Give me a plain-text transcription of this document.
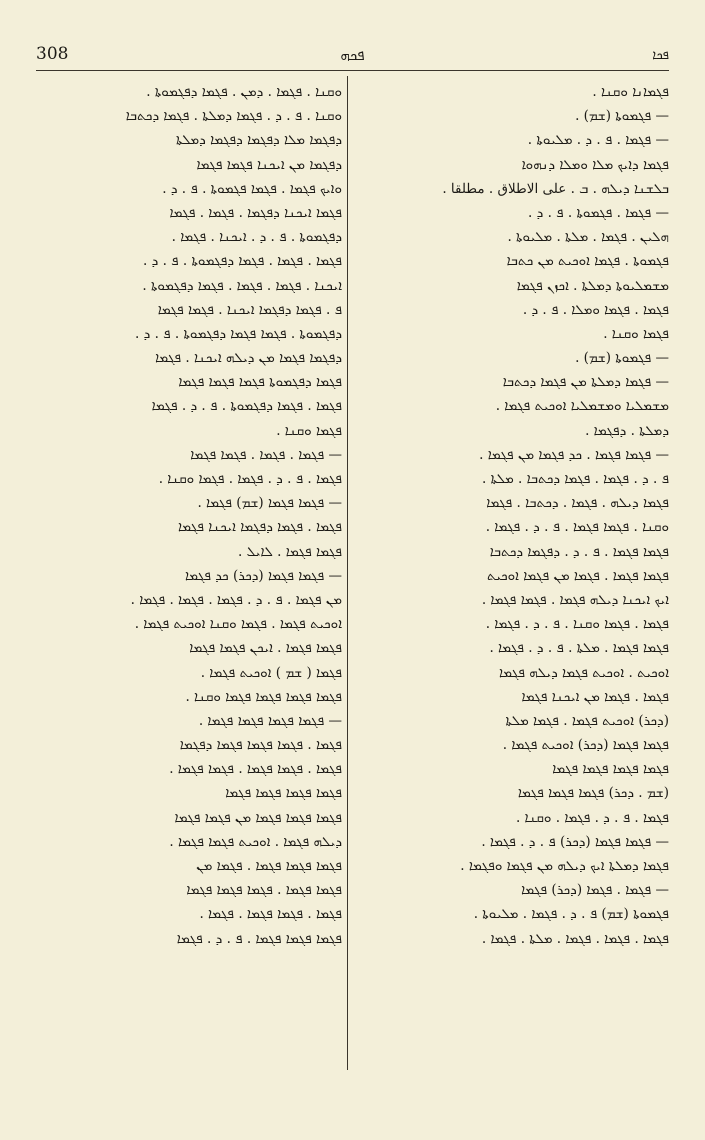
308	ܦܟܗ	ܦܟܐ
ܦܓܡܐܢܐ ܘܩܢܐ .
— ܦܓܡܘܬܐ (ܫܡ) .
— ܦܓܡܐ . ܦ . ܕ . ܡܠܝܘܬܐ .
ܦܓܡܐ ܕܐܝܟ ܡܠܐ ܘܡܠܐ ܕܢܗܘܐ
ܒܠܫܢܐ ܕܝܠܗ . ܒ . على الاطلاق . مطلقا .
— ܦܓܡܐ . ܦܓܡܘܬܐ . ܦ . ܕ .
ܗܠܝܢ . ܦܓܡܐ . ܡܠܬܐ . ܡܠܝܘܬܐ .
ܦܓܡܘܬܐ . ܦܓܡܐ ܐܘܟܝܬ ܡܢ ܟܬܒܐ
ܡܫܡܠܝܘܬܐ ܕܡܠܬܐ . ܐܟܙܢ ܦܓܡܐ
ܦܓܡܐ . ܦܓܡܐ ܘܡܠܐ . ܦ . ܕ .
ܦܓܡܐ ܘܩܢܐ .
— ܦܓܡܘܬܐ (ܫܡ) .
— ܦܓܡܐ ܕܡܠܬܐ ܡܢ ܦܓܡܐ ܕܟܬܒܐ
ܡܫܡܠܝܐ ܘܡܫܡܠܝܐ ܐܘܟܝܬ ܦܓܡܐ .
ܕܡܠܬܐ . ܕܦܓܡܐ .
— ܦܓܡܐ ܦܓܡܐ . ܟܕ ܦܓܡܐ ܡܢ ܦܓܡܐ .
ܦ . ܕ . ܦܓܡܐ . ܦܓܡܐ ܕܟܬܒܐ . ܡܠܬܐ .
ܦܓܡܐ ܕܝܠܗ . ܦܓܡܐ . ܕܟܬܒܐ . ܦܓܡܐ
ܘܩܢܐ . ܦܓܡܐ ܦܓܡܐ . ܦ . ܕ . ܦܓܡܐ .
ܦܓܡܐ ܦܓܡܐ . ܦ . ܕ . ܕܦܓܡܐ ܕܟܬܒܐ
ܦܓܡܐ ܦܓܡܐ . ܦܓܡܐ ܡܢ ܦܓܡܐ ܐܘܟܝܬ
ܐܝܟ ܐܝܟܢܐ ܕܝܠܗ ܦܓܡܐ . ܦܓܡܐ ܦܓܡܐ .
ܦܓܡܐ . ܦܓܡܐ ܘܩܢܐ . ܦ . ܕ . ܦܓܡܐ .
ܦܓܡܐ ܦܓܡܐ . ܡܠܬܐ . ܦ . ܕ . ܦܓܡܐ .
ܐܘܟܝܬ . ܐܘܟܝܬ ܦܓܡܐ ܕܝܠܗ ܦܓܡܐ
ܦܓܡܐ . ܦܓܡܐ ܡܢ ܐܝܟܢܐ ܦܓܡܐ
(ܕܟܪ) ܐܘܟܝܬ ܦܓܡܐ . ܦܓܡܐ ܡܠܬܐ
ܦܓܡܐ ܦܓܡܐ (ܕܟܪ) ܐܘܟܝܬ ܦܓܡܐ .
ܦܓܡܐ ܦܓܡܐ ܦܓܡܐ ܦܓܡܐ
(ܫܡ . ܕܟܪ) ܦܓܡܐ ܦܓܡܐ ܦܓܡܐ
ܦܓܡܐ . ܦ . ܕ . ܦܓܡܐ . ܘܩܢܐ .
— ܦܓܡܐ ܦܓܡܐ (ܕܟܪ) ܦ . ܕ . ܦܓܡܐ .
ܦܓܡܐ ܕܡܠܬܐ ܐܝܟ ܕܝܠܗ ܡܢ ܦܓܡܐ ܘܦܓܡܐ .
— ܦܓܡܐ . ܦܓܡܐ (ܕܟܪ) ܦܓܡܐ
ܦܓܡܘܬܐ (ܫܡ) ܦ . ܕ . ܦܓܡܐ . ܡܠܝܘܬܐ .
ܦܓܡܐ . ܦܓܡܐ . ܦܓܡܐ . ܡܠܬܐ . ܦܓܡܐ .
ܘܩܢܐ . ܦܓܡܐ . ܕܡܢ . ܦܓܡܐ ܕܦܓܡܘܬܐ .
ܘܩܢܐ . ܦ . ܕ . ܦܓܡܐ ܕܡܠܬܐ . ܦܓܡܐ ܕܟܬܒܐ
ܕܦܓܡܐ ܡܠܐ ܕܦܓܡܐ ܕܦܓܡܐ ܕܡܠܬܐ
ܕܦܓܡܐ ܡܢ ܐܝܟܢܐ ܦܓܡܐ ܦܓܡܐ
ܘܐܝܟ ܦܓܡܐ . ܦܓܡܐ ܦܓܡܘܬܐ . ܦ . ܕ .
ܦܓܡܐ ܐܝܟܢܐ ܕܦܓܡܐ . ܦܓܡܐ . ܦܓܡܐ
ܕܦܓܡܘܬܐ . ܦ . ܕ . ܐܝܟܢܐ . ܦܓܡܐ .
ܦܓܡܐ . ܦܓܡܐ . ܦܓܡܐ ܕܦܓܡܘܬܐ . ܦ . ܕ .
ܐܝܟܢܐ . ܦܓܡܐ . ܦܓܡܐ . ܦܓܡܐ ܕܦܓܡܘܬܐ .
ܦ . ܦܓܡܐ ܕܦܓܡܐ ܐܝܟܢܐ . ܦܓܡܐ ܦܓܡܐ
ܕܦܓܡܘܬܐ . ܦܓܡܐ ܦܓܡܐ ܕܦܓܡܘܬܐ . ܦ . ܕ .
ܕܦܓܡܐ ܦܓܡܐ ܡܢ ܕܝܠܗ ܐܝܟܢܐ . ܦܓܡܐ
ܦܓܡܐ ܕܦܓܡܘܬܐ ܦܓܡܐ ܦܓܡܐ ܦܓܡܐ
ܦܓܡܐ . ܦܓܡܐ ܕܦܓܡܘܬܐ . ܦ . ܕ . ܦܓܡܐ
ܦܓܡܐ ܘܩܢܐ .
— ܦܓܡܐ . ܦܓܡܐ . ܦܓܡܐ ܦܓܡܐ
ܦܓܡܐ . ܦ . ܕ . ܦܓܡܐ . ܦܓܡܐ ܘܩܢܐ .
— ܦܓܡܐ ܦܓܡܐ (ܫܡ) ܦܓܡܐ .
ܦܓܡܐ . ܦܓܡܐ ܕܦܓܡܐ ܐܝܟܢܐ ܦܓܡܐ
ܦܓܡܐ ܦܓܡܐ . ܠܐܝܠ .
— ܦܓܡܐ ܦܓܡܐ (ܕܟܪ) ܟܕ ܦܓܡܐ
ܡܢ ܦܓܡܐ . ܦ . ܕ . ܦܓܡܐ . ܦܓܡܐ . ܦܓܡܐ .
ܐܘܟܝܬ ܦܓܡܐ . ܦܓܡܐ ܘܩܢܐ ܐܘܟܝܬ ܦܓܡܐ .
ܦܓܡܐ ܦܓܡܐ . ܐܝܟܢ ܦܓܡܐ ܦܓܡܐ
ܦܓܡܐ ( ܫܡ ) ܐܘܟܝܬ ܦܓܡܐ .
ܦܓܡܐ ܦܓܡܐ ܦܓܡܐ ܦܓܡܐ ܘܩܢܐ .
— ܦܓܡܐ ܦܓܡܐ ܦܓܡܐ ܦܓܡܐ .
ܦܓܡܐ . ܦܓܡܐ ܦܓܡܐ ܦܓܡܐ ܕܦܓܡܐ
ܦܓܡܐ . ܦܓܡܐ ܦܓܡܐ . ܦܓܡܐ ܦܓܡܐ .
ܦܓܡܐ ܦܓܡܐ ܦܓܡܐ ܦܓܡܐ
ܦܓܡܐ ܦܓܡܐ ܦܓܡܐ ܡܢ ܦܓܡܐ ܦܓܡܐ
ܕܝܠܗ ܦܓܡܐ . ܐܘܟܝܬ ܦܓܡܐ ܦܓܡܐ .
ܦܓܡܐ ܦܓܡܐ ܦܓܡܐ . ܦܓܡܐ ܡܢ
ܦܓܡܐ ܦܓܡܐ . ܦܓܡܐ ܦܓܡܐ ܦܓܡܐ
ܦܓܡܐ . ܦܓܡܐ ܦܓܡܐ . ܦܓܡܐ .
ܦܓܡܐ ܦܓܡܐ ܦܓܡܐ . ܦ . ܕ . ܦܓܡܐ
